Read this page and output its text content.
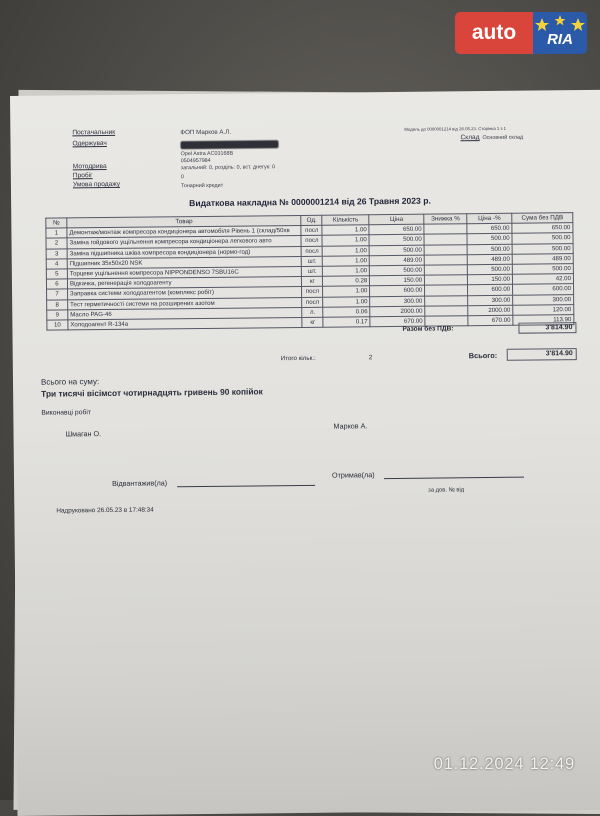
Постачальник	ФОП Марков А.Л.
Одержувач
Opel Astra AC03168В
0504957984
Мотодрива	загальний: 0, розділь: 0, вст. днегук: 0
Пробіг	0
Умова продажу	Тонарний кредит
Модель до 0000001214 від 26.05.23. Сторінка 1 з 1
Склад Основний склад
Видаткова накладна № 0000001214 від 26 Травня 2023 р.
№	Товар	Од.	Кількість	Ціна	Знижка %	Ціна -%	Сума без ПДВ
1	Демонтаж/монтаж компресора кондиціонера автомобіля Рівень 1 (склад/50хв	посл	1.00	650.00		650.00	650.00
2	Заміна гойдового ущільнення компресора кондиціонера легкового авто	посл	1.00	500.00		500.00	500.00
3	Заміна підшипника шківа компресора кондиціонера (нормо-год)	посл	1.00	500.00		500.00	500.00
4	Підшипник 35x50x20 NSK	шт.	1.00	489.00		489.00	489.00
5	Торцеве ущільнення компресора NIPPONDENSO 7SBU16C	шт.	1.00	500.00		500.00	500.00
6	Відкачка, регенерація холодоагенту	кг	0.28	150.00		150.00	42.00
7	Заправка системи холодоагентом (комплекс робіт)	посл	1.00	600.00		600.00	600.00
8	Тест герметичності системи на розширених азотом	посл	1.00	300.00		300.00	300.00
9	Масло PAG-46	л.	0.06	2000.00		2000.00	120.00
10	Холодоагент R-134a	кг	0.17	670.00		670.00	113.90
Разом без ПДВ:	3'814.90
Итого кільк.:	2	Всього:	3'814.90
Всього на суму:
Три тисячі вісімсот чотирнадцять гривень 90 копійок
Виконавці робіт
Шмаган О.
Марков А.
Відвантажив(ла)
Отримав(ла)
за дов. № від
Надруковано 26.05.23 в 17:48:34
auto	RIA
01.12.2024 12:49
